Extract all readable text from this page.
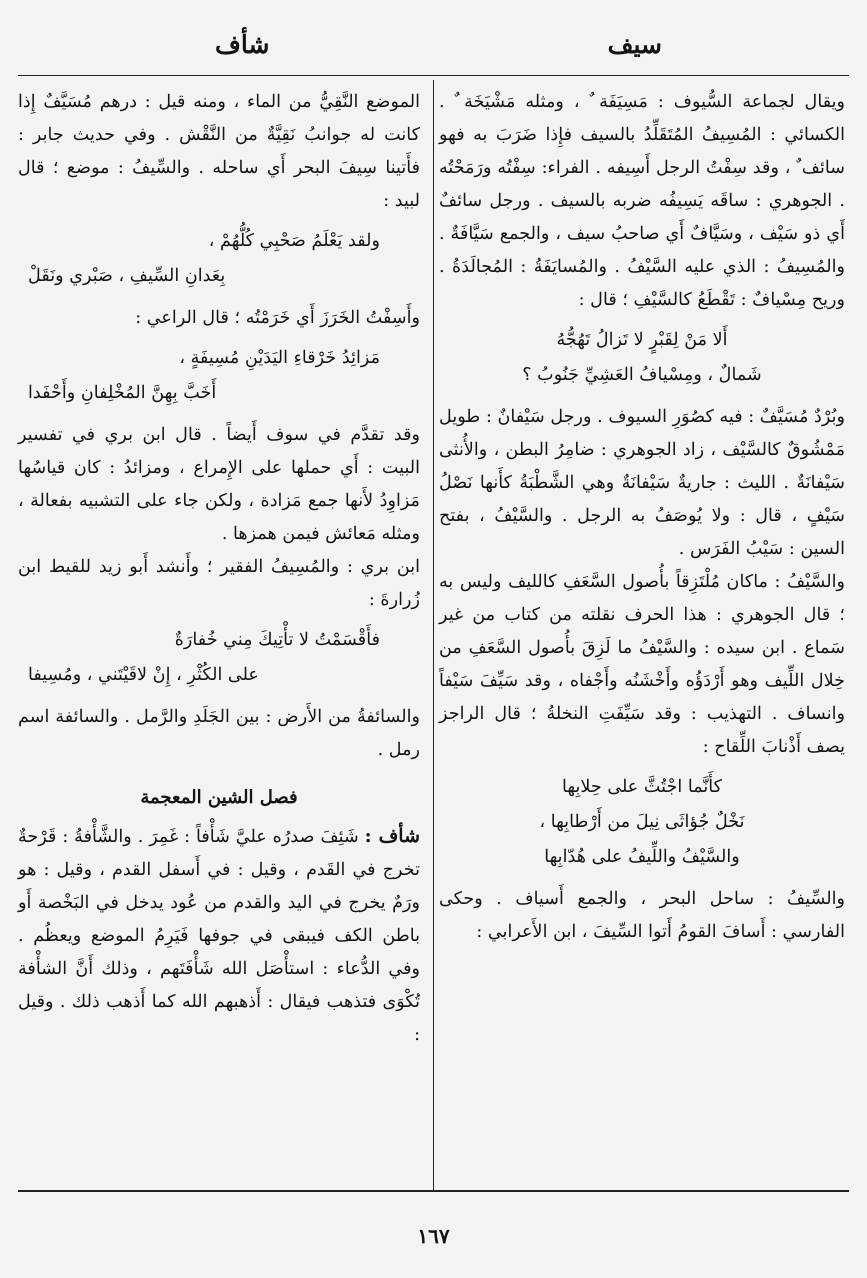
سيف
شأف

ويقال لجماعة السُّيوف : مَسِيَفَة ٌ ، ومثله مَشْيَخَة ٌ . الكسائي : المُسِيفُ المُتَقَلِّدُ بالسيف فإِذا ضَرَبَ به فهو سائف ٌ ، وقد سِفْتُ الرجل أَسِيفه . الفراء: سِفْتُه ورَمَحْتُه . الجوهري : ساقَه يَسِيفُه ضربه بالسيف . ورجل سائفٌ أَي ذو سَيْف ، وسَيَّافٌ أَي صاحبُ سيف ، والجمع سَيَّافَةٌ . والمُسِيفُ : الذي عليه السَّيْفُ . والمُسايَفَةُ : المُجالَدَةُ . وريح مِسْيافٌ : تَقْطَعُ كالسَّيْفِ ؛ قال :

أَلا مَنْ لِقَبْرٍ لا تَزالُ تَهُجُّهُ
شَمالٌ ، ومِسْيافُ العَشِيِّ جَنُوبُ ؟

وبُرْدٌ مُسَيَّفٌ : فيه كصُوَرِ السيوف . ورجل سَيْفانٌ : طويل مَمْشُوقٌ كالسَّيْف ، زاد الجوهري : ضامِرُ البطن ، والأُنثى سَيْفانَةٌ . الليث : جاريةٌ سَيْفانَةٌ وهي الشَّطْبَةُ كأَنها نَصْلُ سَيْفٍ ، قال : ولا يُوصَفُ به الرجل . والسَّيْفُ ، بفتح السين : سَيْبُ الفَرَس .

والسَّيْفُ : ماكان مُلْتَزِقاً بأُصول السَّعَفِ كالليف وليس به ؛ قال الجوهري : هذا الحرف نقلته من كتاب من غير سَماع . ابن سيده : والسَّيْفُ ما لَزِقَ بأُصول السَّعَفِ من خِلال اللِّيف وهو أَرْدَؤُه وأَخْشَنُه وأَجْفاه ، وقد سَيِّفَ سَيْفاً وانساف . التهذيب : وقد سَيِّفَتِ النخلةُ ؛ قال الراجز يصف أَذْنابَ اللِّقاح :

كأَنَّما اجْتُثَّ على حِلابِها
نَخْلٌ جُؤاثَى نِيلَ من أَرْطابِها ،
والسَّيْفُ واللِّيفُ على هُدّابِها

والسِّيفُ : ساحل البحر ، والجمع أَسياف . وحكى الفارسي : أَسافَ القومُ أَتوا السِّيفَ ، ابن الأَعرابي :

الموضع النَّقِيُّ من الماء ، ومنه قيل : درهم مُسَيَّفٌ إِذا كانت له جوانبُ نَقِيَّةٌ من النَّقْش . وفي حديث جابر : فأَتينا سِيفَ البحر أَي ساحله . والسِّيفُ : موضع ؛ قال لبيد :

ولقد يَعْلَمُ صَحْبِي كُلُّهُمْ ،
بِعَدانِ السِّيفِ ، صَبْري ونَقَلْ

وأَسِفْتُ الخَرَزَ أَي خَرَمْتُه ؛ قال الراعي :

مَزائِدُ خَرْقاءِ اليَدَيْنِ مُسِيفَةٍ ،
أَخَبَّ بِهِنَّ المُخْلِفانِ وأَحْفَدا

وقد تقدَّم في سوف أَيضاً . قال ابن بري في تفسير البيت : أَي حملها على الإِمراع ، ومزائدُ : كان قياسُها مَزاوِدُ لأَنها جمع مَزادة ، ولكن جاء على التشبيه بفعالة ، ومثله مَعائش فيمن همزها .

ابن بري : والمُسِيفُ الفقير ؛ وأَنشد أَبو زيد للقيط ابن زُرارةَ :

فأَقْسَمْتُ لا تأْتِيكَ مِني خُفارَةٌ
على الكُثْرِ ، إِنْ لاقَيْتَني ، ومُسِيفا

والسائفةُ من الأَرض : بين الجَلَدِ والرَّمل . والسائفة اسم رمل .

فصل الشين المعجمة

شأف : شَئِفَ صدرُه عليَّ شَأْفاً : غَمِرَ . والشَّأْفةُ : قَرْحةٌ تخرج في القَدم ، وقيل : في أَسفل القدم ، وقيل : هو ورَمٌ يخرج في اليد والقدم من عُود يدخل في البَخْصة أَو باطن الكف فيبقى في جوفها فَيَرِمُ الموضع ويعظُم . وفي الدُّعاء : استأْصَل الله شَأْفَتَهم ، وذلك أَنَّ الشأْفة تُكْوَى فتذهب فيقال : أَذهبهم الله كما أَذهب ذلك . وقيل :

١٦٧
